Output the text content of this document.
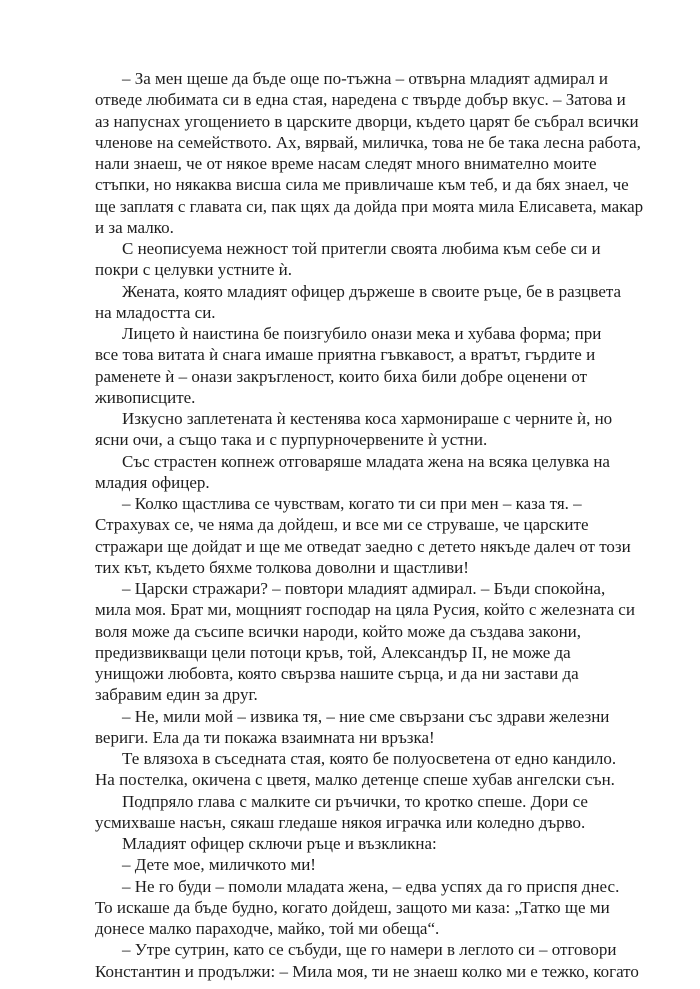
– За мен щеше да бъде още по-тъжна – отвърна младият адмирал и
отведе любимата си в една стая, наредена с твърде добър вкус. – Затова и
аз напуснах угощението в царските дворци, където царят бе събрал всички
членове на семейството. Ах, вярвай, миличка, това не бе така лесна работа,
нали знаеш, че от някое време насам следят много внимателно моите
стъпки, но някаква висша сила ме привличаше към теб, и да бях знаел, че
ще заплатя с главата си, пак щях да дойда при моята мила Елисавета, макар
и за малко.

С неописуема нежност той притегли своята любима към себе си и
покри с целувки устните ѝ.

Жената, която младият офицер държеше в своите ръце, бе в разцвета
на младостта си.

Лицето ѝ наистина бе поизгубило онази мека и хубава форма; при
все това витата ѝ снага имаше приятна гъвкавост, а вратът, гърдите и
раменете ѝ – онази закръгленост, които биха били добре оценени от
живописците.

Изкусно заплетената ѝ кестенява коса хармонираше с черните ѝ, но
ясни очи, а също така и с пурпурночервените ѝ устни.

Със страстен копнеж отговаряше младата жена на всяка целувка на
младия офицер.

– Колко щастлива се чувствам, когато ти си при мен – каза тя. –
Страхувах се, че няма да дойдеш, и все ми се струваше, че царските
стражари ще дойдат и ще ме отведат заедно с детето някъде далеч от този
тих кът, където бяхме толкова доволни и щастливи!

– Царски стражари? – повтори младият адмирал. – Бъди спокойна,
мила моя. Брат ми, мощният господар на цяла Русия, който с железната си
воля може да съсипе всички народи, който може да създава закони,
предизвикващи цели потоци кръв, той, Александър II, не може да
унищожи любовта, която свързва нашите сърца, и да ни застави да
забравим един за друг.

– Не, мили мой – извика тя, – ние сме свързани със здрави железни
вериги. Ела да ти покажа взаимната ни връзка!

Те влязоха в съседната стая, която бе полуосветена от едно кандило.
На постелка, окичена с цветя, малко детенце спеше хубав ангелски сън.

Подпряло глава с малките си ръчички, то кротко спеше. Дори се
усмихваше насън, сякаш гледаше някоя играчка или коледно дърво.

Младият офицер сключи ръце и възкликна:

– Дете мое, миличкото ми!

– Не го буди – помоли младата жена, – едва успях да го приспя днес.
То искаше да бъде будно, когато дойдеш, защото ми каза: „Татко ще ми
донесе малко параходче, майко, той ми обеща“.

– Утре сутрин, като се събуди, ще го намери в леглото си – отговори
Константин и продължи: – Мила моя, ти не знаеш колко ми е тежко, когато
